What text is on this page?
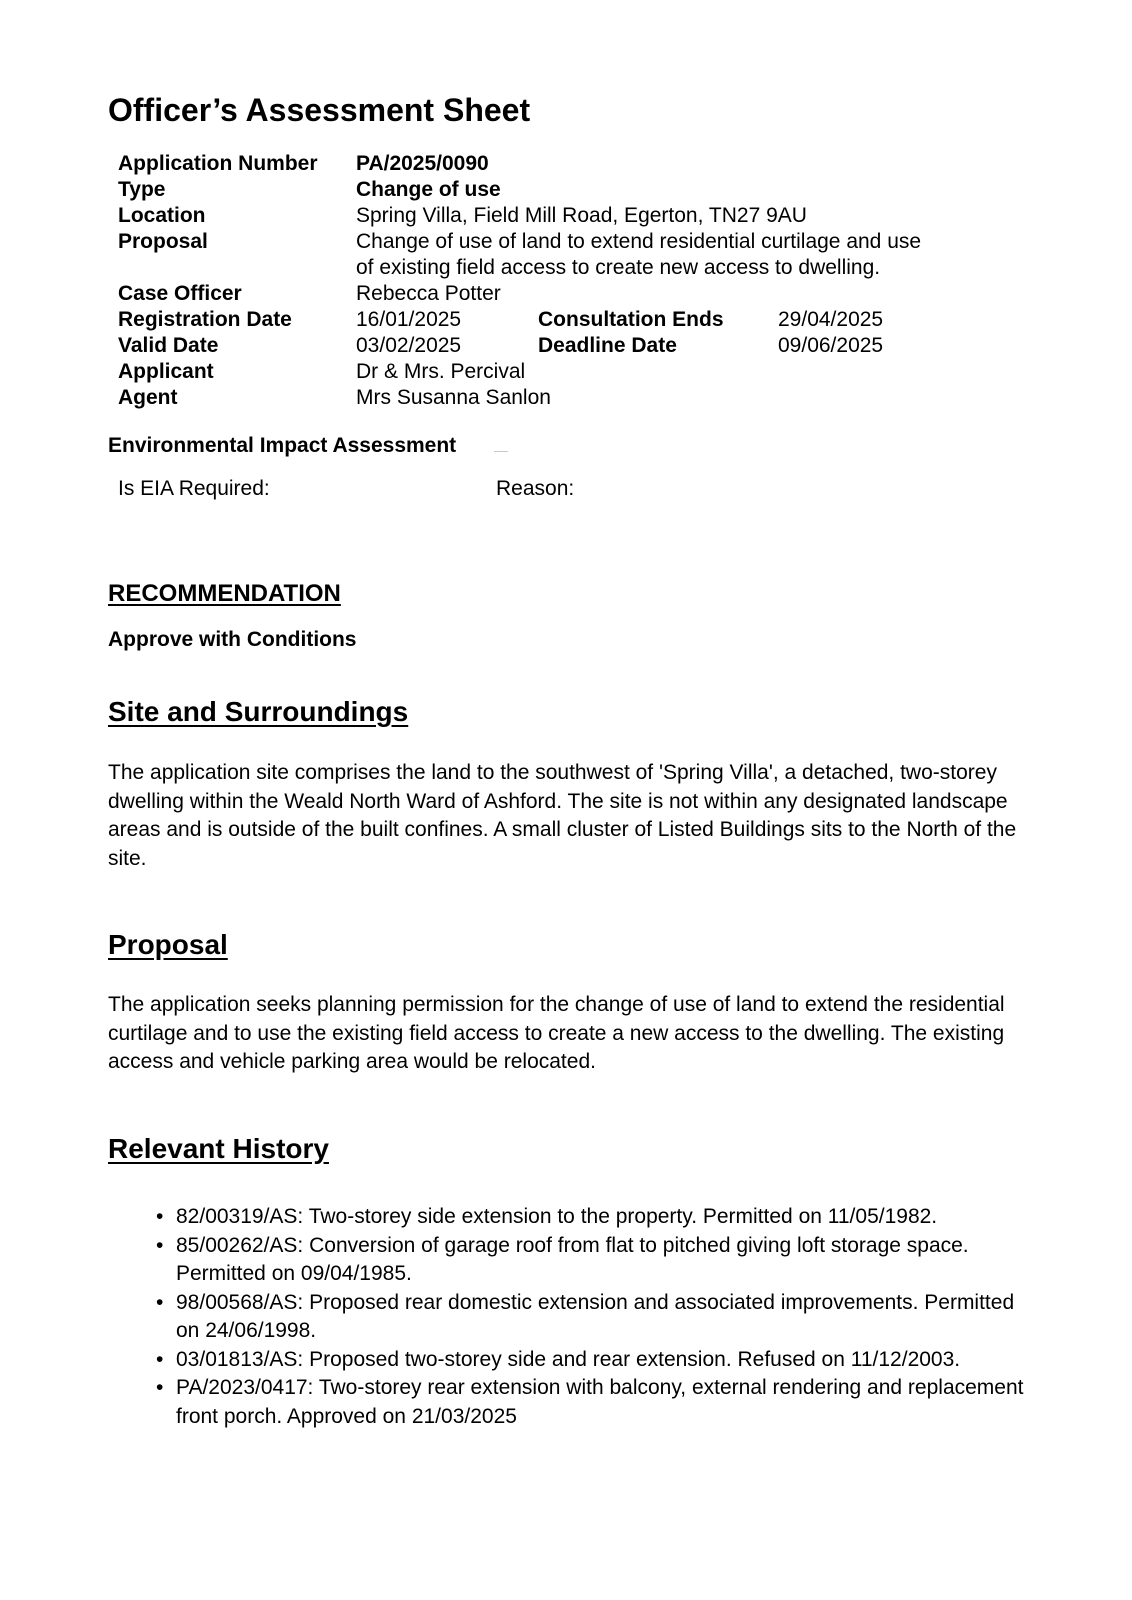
Officer’s Assessment Sheet
Application Number PA/2025/0090
Type	Change of use
Location	Spring Villa, Field Mill Road, Egerton, TN27 9AU
Proposal	Change of use of land to extend residential curtilage and use
of existing field access to create new access to dwelling.
Case Officer	Rebecca Potter
Registration Date	16/01/2025	Consultation Ends	29/04/2025
Valid Date	03/02/2025	Deadline Date	09/06/2025
Applicant	Dr & Mrs. Percival
Agent	Mrs Susanna Sanlon
Environmental Impact Assessment
Is EIA Required:	Reason:
RECOMMENDATION
Approve with Conditions
Site and Surroundings
The application site comprises the land to the southwest of 'Spring Villa', a detached, two-storey dwelling within the Weald North Ward of Ashford. The site is not within any designated landscape areas and is outside of the built confines. A small cluster of Listed Buildings sits to the North of the site.
Proposal
The application seeks planning permission for the change of use of land to extend the residential curtilage and to use the existing field access to create a new access to the dwelling. The existing access and vehicle parking area would be relocated.
Relevant History
• 82/00319/AS: Two-storey side extension to the property. Permitted on 11/05/1982.
• 85/00262/AS: Conversion of garage roof from flat to pitched giving loft storage space. Permitted on 09/04/1985.
• 98/00568/AS: Proposed rear domestic extension and associated improvements. Permitted on 24/06/1998.
• 03/01813/AS: Proposed two-storey side and rear extension. Refused on 11/12/2003.
• PA/2023/0417: Two-storey rear extension with balcony, external rendering and replacement front porch. Approved on 21/03/2025
